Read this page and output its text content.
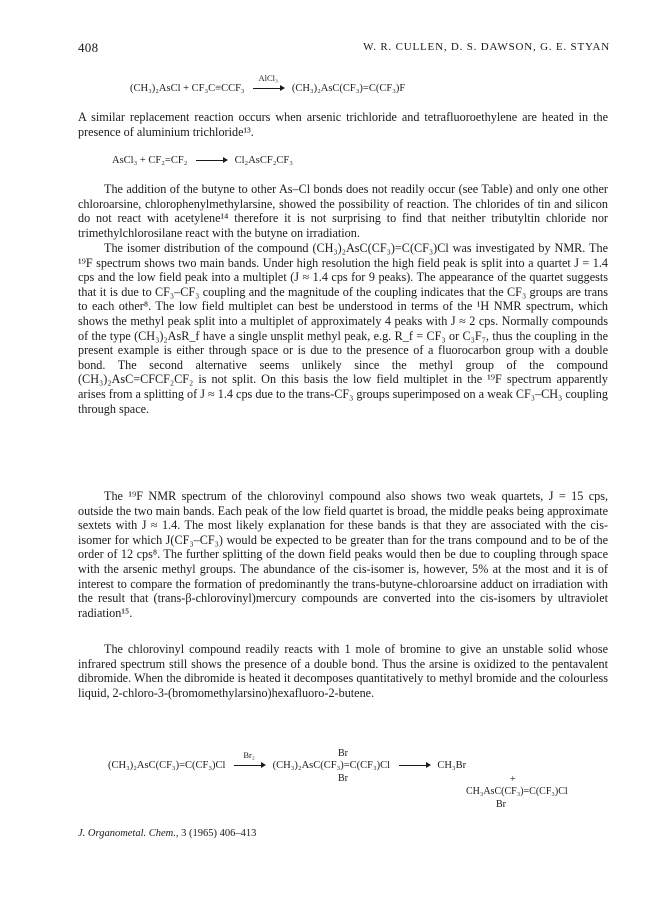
408	W. R. CULLEN, D. S. DAWSON, G. E. STYAN
(CH₃)₂AsCl + CF₃C≡CCF₃
AlCl₃
(CH₃)₂AsC(CF₃)=C(CF₃)F

A similar replacement reaction occurs when arsenic trichloride and tetrafluoroethylene are heated in the presence of aluminium trichloride¹³.

AsCl₃ + CF₂=CF₂ → Cl₂AsCF₂CF₃

The addition of the butyne to other As–Cl bonds does not readily occur (see Table) and only one other chloroarsine, chlorophenylmethylarsine, showed the possibility of reaction. The chlorides of tin and silicon do not react with acetylene¹⁴ therefore it is not surprising to find that neither tributyltin chloride nor trimethylchlorosilane react with the butyne on irradiation.

The isomer distribution of the compound (CH₃)₂AsC(CF₃)=C(CF₃)Cl was investigated by NMR. The ¹⁹F spectrum shows two main bands. Under high resolution the high field peak is split into a quartet J = 1.4 cps and the low field peak into a multiplet (J ≈ 1.4 cps for 9 peaks). The appearance of the quartet suggests that it is due to CF₃–CF₃ coupling and the magnitude of the coupling indicates that the CF₃ groups are trans to each other⁸. The low field multiplet can best be understood in terms of the ¹H NMR spectrum, which shows the methyl peak split into a multiplet of approximately 4 peaks with J ≈ 2 cps. Normally compounds of the type (CH₃)₂AsR_f have a single unsplit methyl peak, e.g. R_f = CF₃ or C₃F₇, thus the coupling in the present example is either through space or is due to the presence of a fluorocarbon group with a double bond. The second alternative seems unlikely since the methyl group of the compound (CH₃)₂AsC=CFCF₂CF₂ is not split. On this basis the low field multiplet in the ¹⁹F spectrum apparently arises from a splitting of J ≈ 1.4 cps due to the trans-CF₃ groups superimposed on a weak CF₃–CH₃ coupling through space.

The ¹⁹F NMR spectrum of the chlorovinyl compound also shows two weak quartets, J = 15 cps, outside the two main bands. Each peak of the low field quartet is broad, the middle peaks being approximate sextets with J ≈ 1.4. The most likely explanation for these bands is that they are associated with the cis-isomer for which J(CF₃–CF₃) would be expected to be greater than for the trans compound and to be of the order of 12 cps⁸. The further splitting of the down field peaks would then be due to coupling through space with the arsenic methyl groups. The abundance of the cis-isomer is, however, 5% at the most and it is of interest to compare the formation of predominantly the trans-butyne-chloroarsine adduct on irradiation with the result that (trans-β-chlorovinyl)mercury compounds are converted into the cis-isomers by ultraviolet radiation¹⁵.

The chlorovinyl compound readily reacts with 1 mole of bromine to give an unstable solid whose infrared spectrum still shows the presence of a double bond. Thus the arsine is oxidized to the pentavalent dibromide. When the dibromide is heated it decomposes quantitatively to methyl bromide and the colourless liquid, 2-chloro-3-(bromomethylarsino)hexafluoro-2-butene.

Br
(CH₃)₂AsC(CF₃)=C(CF₃)Cl
Br₂
(CH₃)₂AsC(CF₃)=C(CF₃)Cl → CH₃Br
Br	+
CH₃AsC(CF₃)=C(CF₃)Cl
Br
J. Organometal. Chem., 3 (1965) 406–413
